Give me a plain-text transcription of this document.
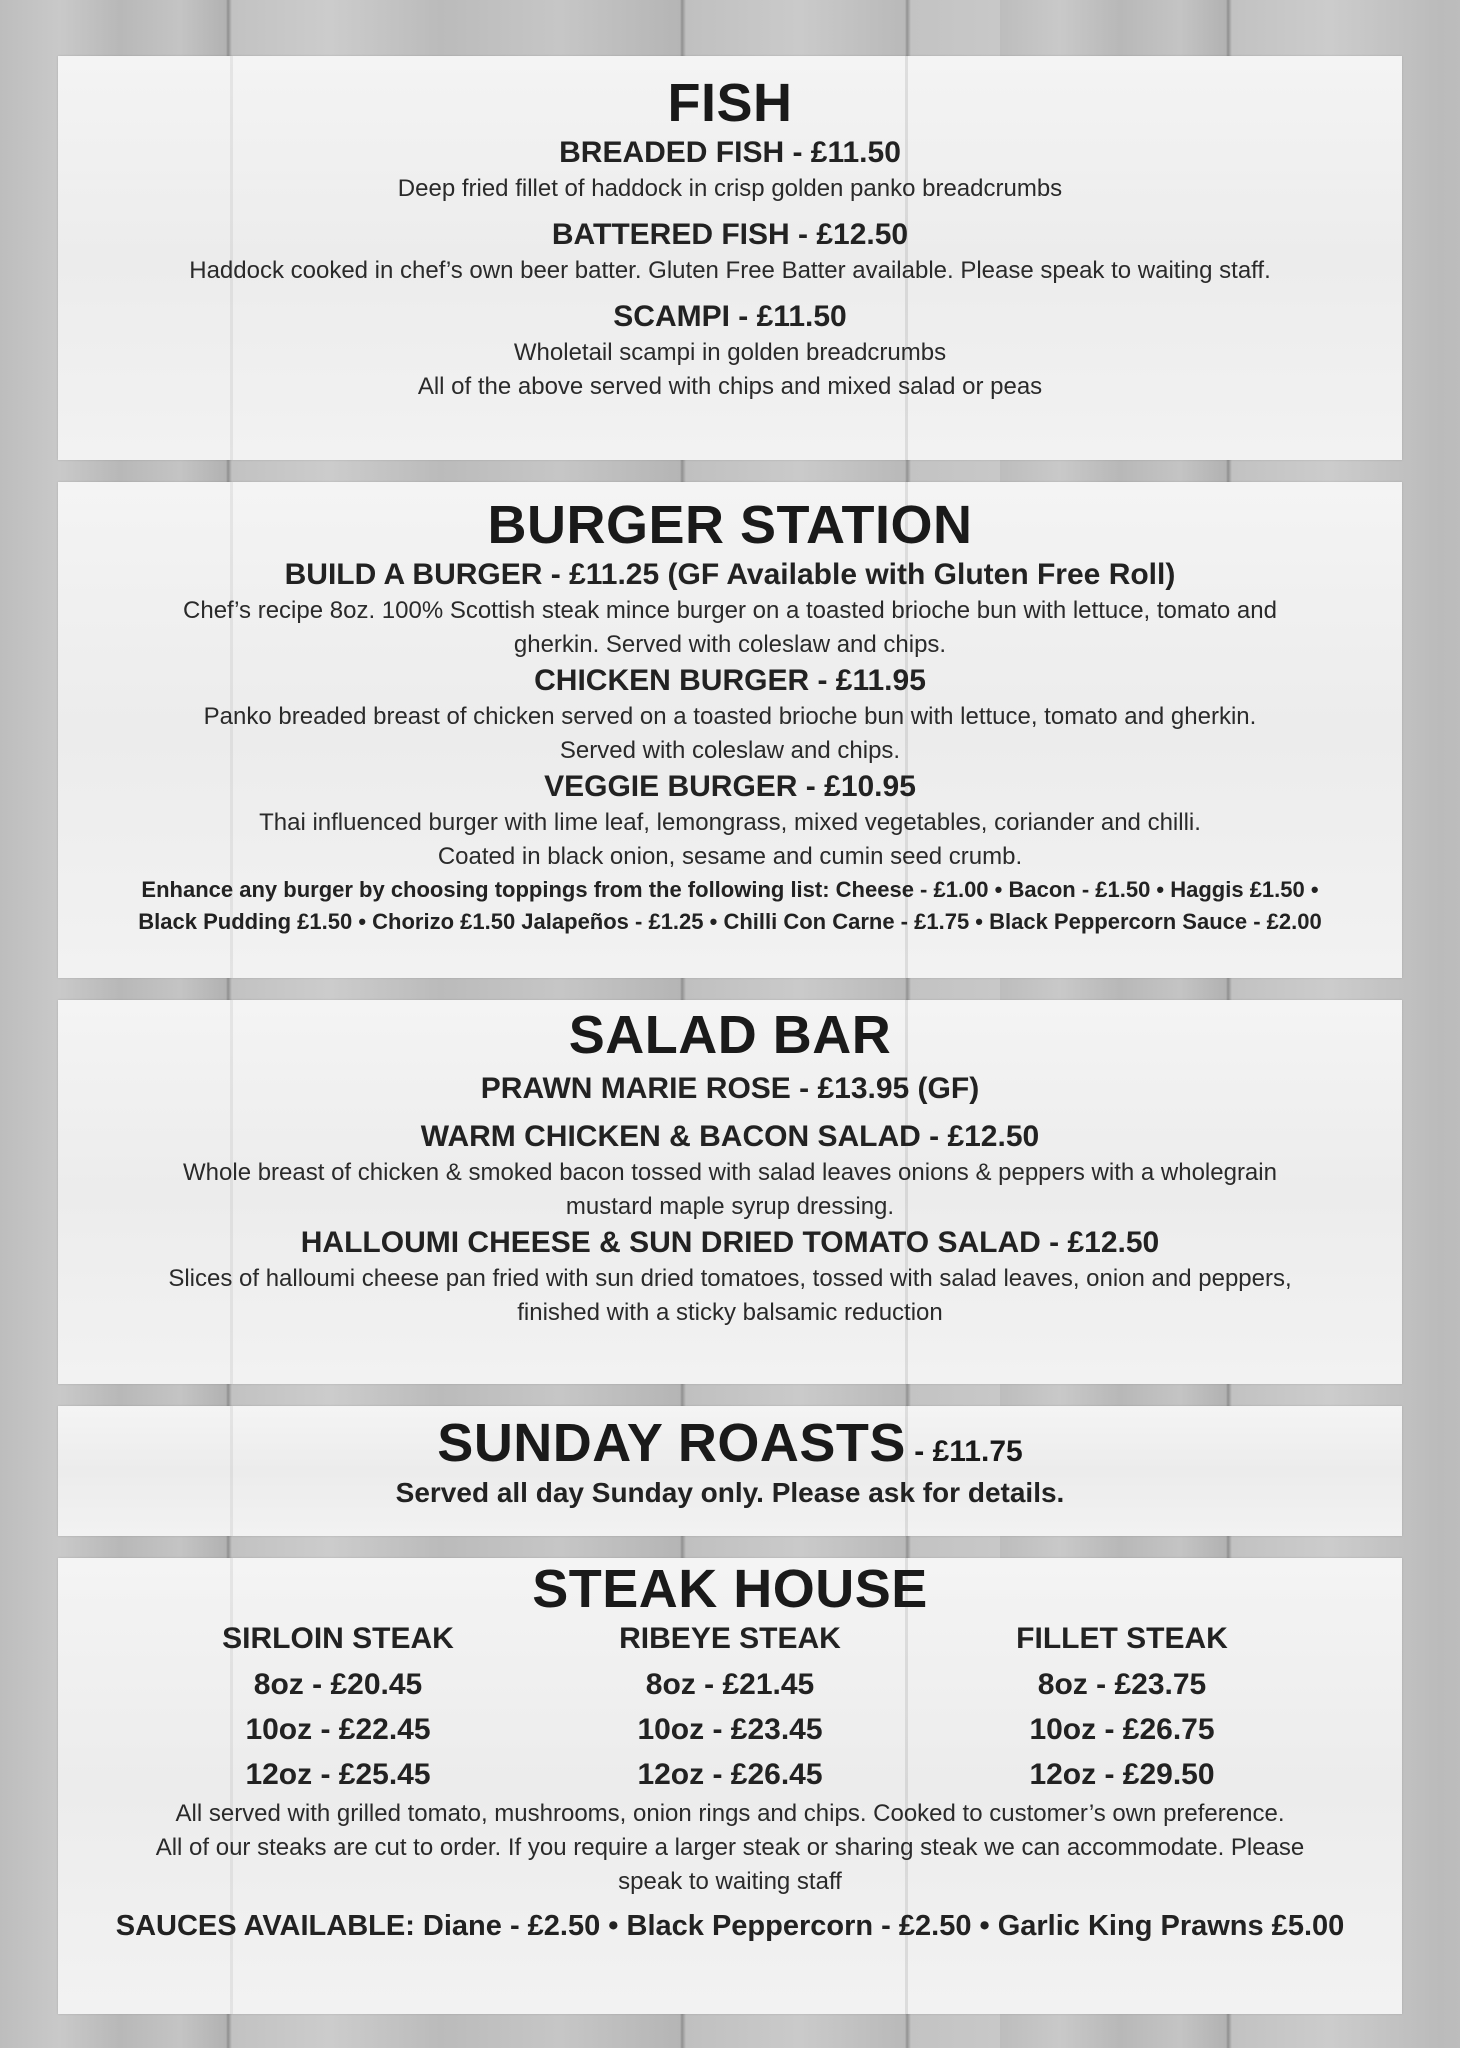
FISH
BREADED FISH - £11.50

Deep fried fillet of haddock in crisp golden panko breadcrumbs

BATTERED FISH - £12.50

Haddock cooked in chef’s own beer batter. Gluten Free Batter available. Please speak to waiting staff.

SCAMPI - £11.50

Wholetail scampi in golden breadcrumbs

All of the above served with chips and mixed salad or peas

BURGER STATION
BUILD A BURGER - £11.25 (GF Available with Gluten Free Roll)

Chef’s recipe 8oz. 100% Scottish steak mince burger on a toasted brioche bun with lettuce, tomato and

gherkin. Served with coleslaw and chips.

CHICKEN BURGER - £11.95

Panko breaded breast of chicken served on a toasted brioche bun with lettuce, tomato and gherkin.

Served with coleslaw and chips.

VEGGIE BURGER - £10.95

Thai influenced burger with lime leaf, lemongrass, mixed vegetables, coriander and chilli.

Coated in black onion, sesame and cumin seed crumb.

Enhance any burger by choosing toppings from the following list: Cheese - £1.00 • Bacon - £1.50 • Haggis £1.50 •

Black Pudding £1.50 • Chorizo £1.50 Jalapeños - £1.25 • Chilli Con Carne - £1.75 • Black Peppercorn Sauce - £2.00

SALAD BAR
PRAWN MARIE ROSE - £13.95 (GF)
WARM CHICKEN & BACON SALAD - £12.50

Whole breast of chicken & smoked bacon tossed with salad leaves onions & peppers with a wholegrain

mustard maple syrup dressing.

HALLOUMI CHEESE & SUN DRIED TOMATO SALAD - £12.50

Slices of halloumi cheese pan fried with sun dried tomatoes, tossed with salad leaves, onion and peppers,

finished with a sticky balsamic reduction

SUNDAY ROASTS - £11.75
Served all day Sunday only. Please ask for details.
STEAK HOUSE
SIRLOIN STEAK
8oz - £20.45
10oz - £22.45
12oz - £25.45
RIBEYE STEAK
8oz - £21.45
10oz - £23.45
12oz - £26.45
FILLET STEAK
8oz - £23.75
10oz - £26.75
12oz - £29.50

All served with grilled tomato, mushrooms, onion rings and chips. Cooked to customer’s own preference.

All of our steaks are cut to order. If you require a larger steak or sharing steak we can accommodate. Please

speak to waiting staff

SAUCES AVAILABLE: Diane - £2.50 • Black Peppercorn - £2.50 • Garlic King Prawns £5.00
